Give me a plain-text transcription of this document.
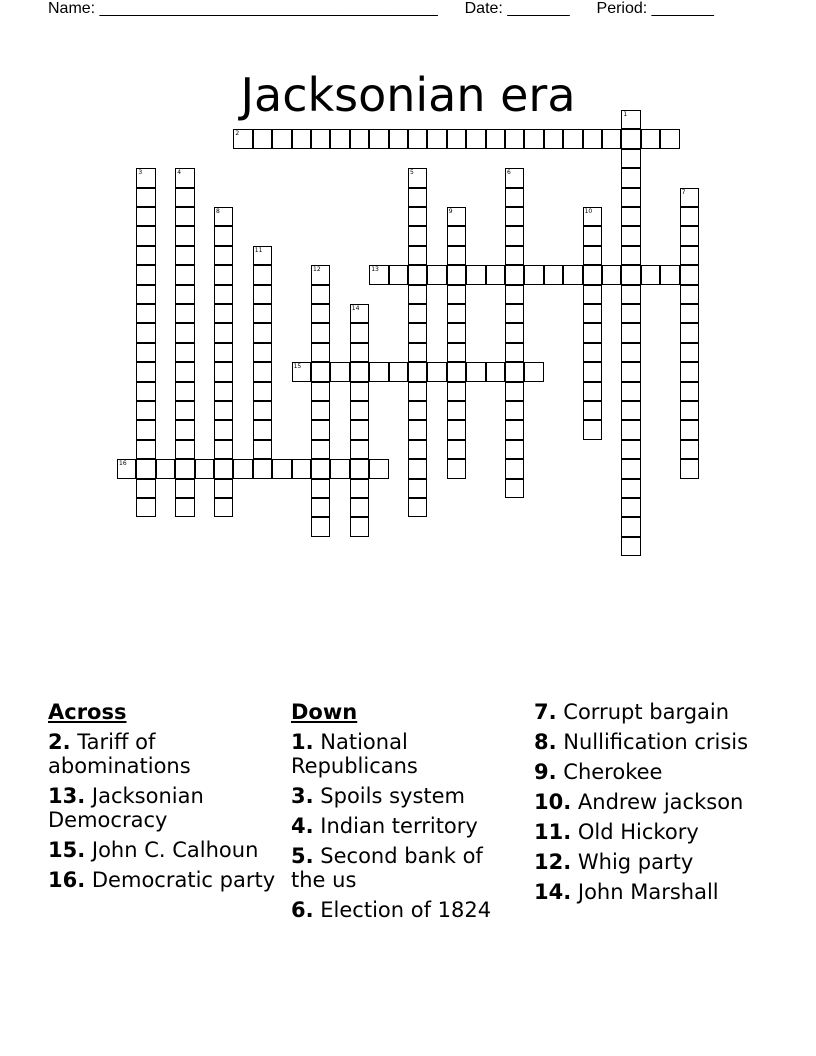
Name: ______________________________________ Date: _______ Period: _______
Jacksonian era	1
2
3	4	5	6
7
8	9	10
11
12	13
14
15
16
Across
2. Tariff of abominations
13. Jacksonian Democracy
15. John C. Calhoun
16. Democratic party
Down
1. National Republicans
3. Spoils system
4. Indian territory
5. Second bank of the us
6. Election of 1824
7. Corrupt bargain
8. Nullification crisis
9. Cherokee
10. Andrew jackson
11. Old Hickory
12. Whig party
14. John Marshall
